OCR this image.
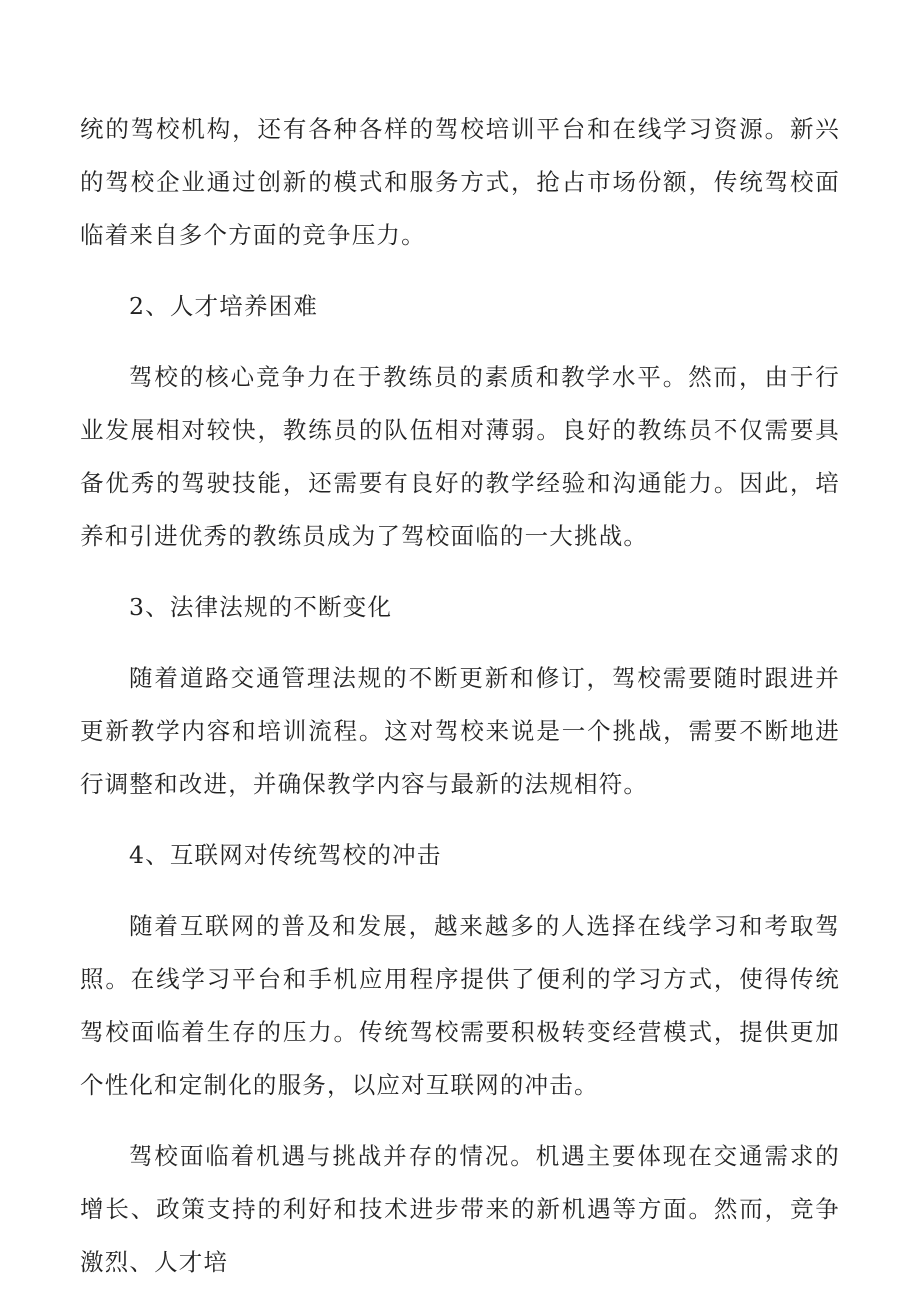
统的驾校机构，还有各种各样的驾校培训平台和在线学习资源。新兴的驾校企业通过创新的模式和服务方式，抢占市场份额，传统驾校面临着来自多个方面的竞争压力。

2、人才培养困难

驾校的核心竞争力在于教练员的素质和教学水平。然而，由于行业发展相对较快，教练员的队伍相对薄弱。良好的教练员不仅需要具备优秀的驾驶技能，还需要有良好的教学经验和沟通能力。因此，培养和引进优秀的教练员成为了驾校面临的一大挑战。

3、法律法规的不断变化

随着道路交通管理法规的不断更新和修订，驾校需要随时跟进并更新教学内容和培训流程。这对驾校来说是一个挑战，需要不断地进行调整和改进，并确保教学内容与最新的法规相符。

4、互联网对传统驾校的冲击

随着互联网的普及和发展，越来越多的人选择在线学习和考取驾照。在线学习平台和手机应用程序提供了便利的学习方式，使得传统驾校面临着生存的压力。传统驾校需要积极转变经营模式，提供更加个性化和定制化的服务，以应对互联网的冲击。

驾校面临着机遇与挑战并存的情况。机遇主要体现在交通需求的增长、政策支持的利好和技术进步带来的新机遇等方面。然而，竞争激烈、人才培
